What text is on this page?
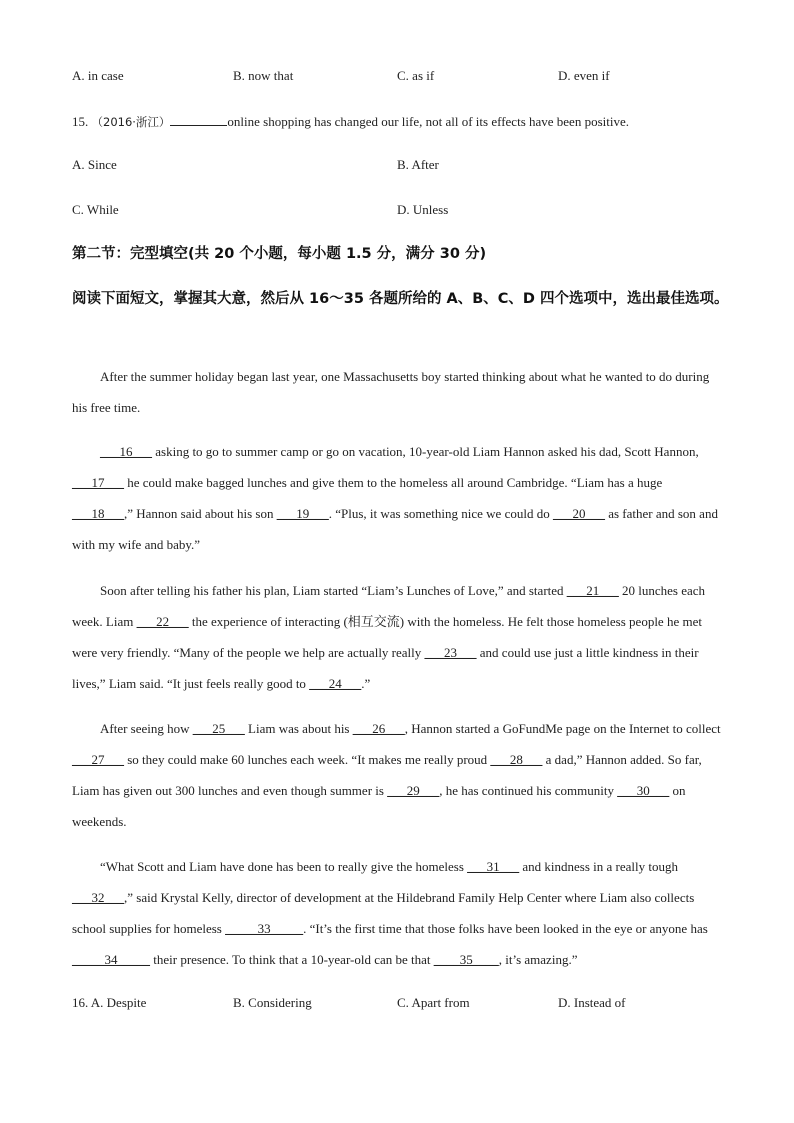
A. in case	B. now that	C. as if	D. even if
15. （2016·浙江）	online shopping has changed our life, not all of its effects have been positive.
A. Since	B. After
C. While	D. Unless
第二节：完型填空(共 20 个小题，每小题 1.5 分，满分 30 分)
阅读下面短文，掌握其大意，然后从 16～35 各题所给的 A、B、C、D 四个选项中，选出最佳选项。

After the summer holiday began last year, one Massachusetts boy started thinking about what he wanted to do during his free time.

___16___ asking to go to summer camp or go on vacation, 10-year-old Liam Hannon asked his dad, Scott Hannon, ___17___ he could make bagged lunches and give them to the homeless all around Cambridge. “Liam has a huge ___18___,” Hannon said about his son ___19___. “Plus, it was something nice we could do ___20___ as father and son and with my wife and baby.”

Soon after telling his father his plan, Liam started “Liam’s Lunches of Love,” and started ___21___ 20 lunches each week. Liam ___22___ the experience of interacting (相互交流) with the homeless. He felt those homeless people he met were very friendly. “Many of the people we help are actually really ___23___ and could use just a little kindness in their lives,” Liam said. “It just feels really good to ___24___.”

After seeing how ___25___ Liam was about his ___26___, Hannon started a GoFundMe page on the Internet to collect ___27___ so they could make 60 lunches each week. “It makes me really proud ___28___ a dad,” Hannon added. So far, Liam has given out 300 lunches and even though summer is ___29___, he has continued his community ___30___ on weekends.

“What Scott and Liam have done has been to really give the homeless ___31___ and kindness in a really tough ___32___,” said Krystal Kelly, director of development at the Hildebrand Family Help Center where Liam also collects school supplies for homeless _____33_____. “It’s the first time that those folks have been looked in the eye or anyone has _____34_____ their presence. To think that a 10-year-old can be that ____35____, it’s amazing.”

16. A. Despite	B. Considering	C. Apart from	D. Instead of
